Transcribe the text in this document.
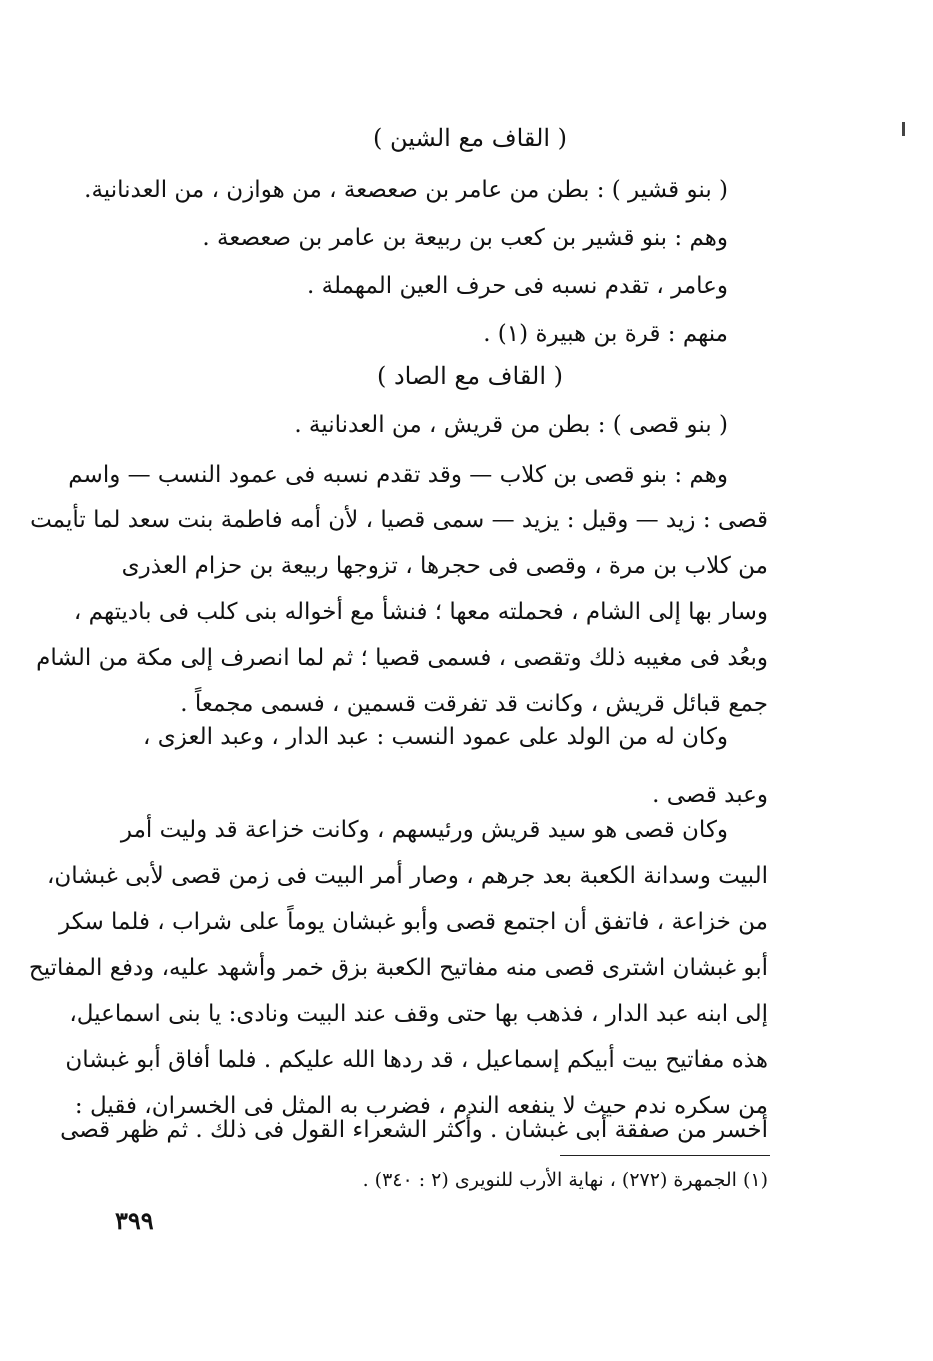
( القاف مع الشين )
( بنو قشير ) : بطن من عامر بن صعصعة ، من هوازن ، من العدنانية.
وهم : بنو قشير بن كعب بن ربيعة بن عامر بن صعصعة .
وعامر ، تقدم نسبه فى حرف العين المهملة .
منهم : قرة بن هبيرة (١) .
( القاف مع الصاد )
( بنو قصى ) : بطن من قريش ، من العدنانية .
وهم : بنو قصى بن كلاب — وقد تقدم نسبه فى عمود النسب — واسم
قصى : زيد — وقيل : يزيد — سمى قصيا ، لأن أمه فاطمة بنت سعد لما تأيمت
من كلاب بن مرة ، وقصى فى حجرها ، تزوجها ربيعة بن حزام العذرى
وسار بها إلى الشام ، فحملته معها ؛ فنشأ مع أخواله بنى كلب فى باديتهم ،
وبعُد فى مغيبه ذلك وتقصى ، فسمى قصيا ؛ ثم لما انصرف إلى مكة من الشام
جمع قبائل قريش ، وكانت قد تفرقت قسمين ، فسمى مجمعاً .
وكان له من الولد على عمود النسب : عبد الدار ، وعبد العزى ،
وعبد قصى .
وكان قصى هو سيد قريش ورئيسهم ، وكانت خزاعة قد وليت أمر
البيت وسدانة الكعبة بعد جرهم ، وصار أمر البيت فى زمن قصى لأبى غبشان،
من خزاعة ، فاتفق أن اجتمع قصى وأبو غبشان يوماً على شراب ، فلما سكر
أبو غبشان اشترى قصى منه مفاتيح الكعبة بزق خمر وأشهد عليه، ودفع المفاتيح
إلى ابنه عبد الدار ، فذهب بها حتى وقف عند البيت ونادى: يا بنى اسماعيل،
هذه مفاتيح بيت أبيكم إسماعيل ، قد ردها الله عليكم . فلما أفاق أبو غبشان
من سكره ندم حيث لا ينفعه الندم ، فضرب به المثل فى الخسران، فقيل :
أخسر من صفقة أبى غبشان . وأكثر الشعراء القول فى ذلك . ثم ظهر قصى
(١) الجمهرة (٢٧٢) ، نهاية الأرب للنويرى (٢ : ٣٤٠) .
٣٩٩
